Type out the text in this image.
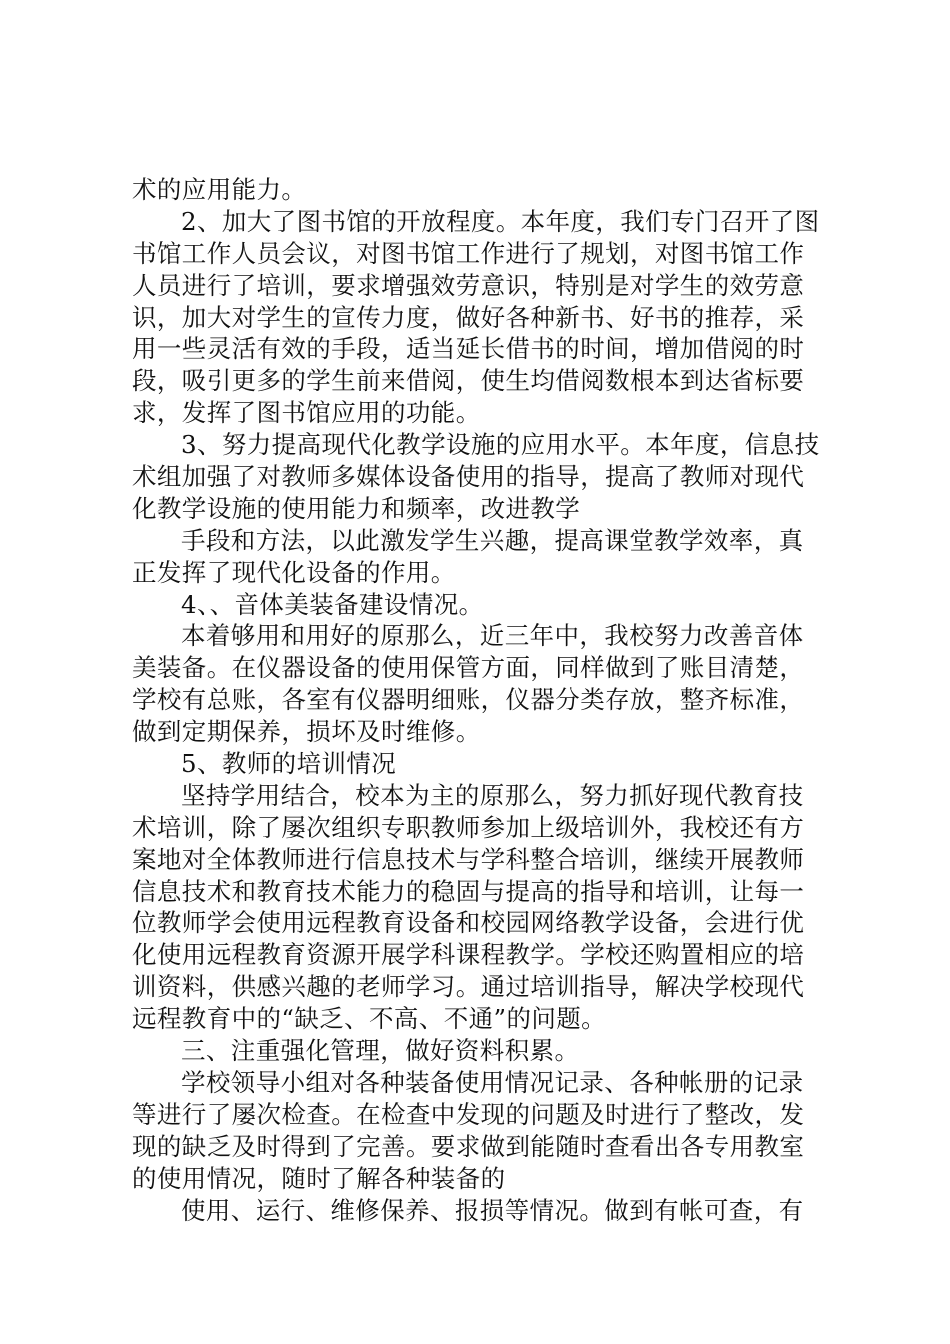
术的应用能力。
2、加大了图书馆的开放程度。本年度，我们专门召开了图
书馆工作人员会议，对图书馆工作进行了规划，对图书馆工作
人员进行了培训，要求增强效劳意识，特别是对学生的效劳意
识，加大对学生的宣传力度，做好各种新书、好书的推荐，采
用一些灵活有效的手段，适当延长借书的时间，增加借阅的时
段，吸引更多的学生前来借阅，使生均借阅数根本到达省标要
求，发挥了图书馆应用的功能。
3、努力提高现代化教学设施的应用水平。本年度，信息技
术组加强了对教师多媒体设备使用的指导，提高了教师对现代
化教学设施的使用能力和频率，改进教学
手段和方法，以此激发学生兴趣，提高课堂教学效率，真
正发挥了现代化设备的作用。
4、、音体美装备建设情况。
本着够用和用好的原那么，近三年中，我校努力改善音体
美装备。在仪器设备的使用保管方面，同样做到了账目清楚，
学校有总账，各室有仪器明细账，仪器分类存放，整齐标准，
做到定期保养，损坏及时维修。
5、教师的培训情况
坚持学用结合，校本为主的原那么，努力抓好现代教育技
术培训，除了屡次组织专职教师参加上级培训外，我校还有方
案地对全体教师进行信息技术与学科整合培训，继续开展教师
信息技术和教育技术能力的稳固与提高的指导和培训，让每一
位教师学会使用远程教育设备和校园网络教学设备，会进行优
化使用远程教育资源开展学科课程教学。学校还购置相应的培
训资料，供感兴趣的老师学习。通过培训指导，解决学校现代
远程教育中的“缺乏、不高、不通”的问题。
三、注重强化管理，做好资料积累。
学校领导小组对各种装备使用情况记录、各种帐册的记录
等进行了屡次检查。在检查中发现的问题及时进行了整改，发
现的缺乏及时得到了完善。要求做到能随时查看出各专用教室
的使用情况，随时了解各种装备的
使用、运行、维修保养、报损等情况。做到有帐可查，有
